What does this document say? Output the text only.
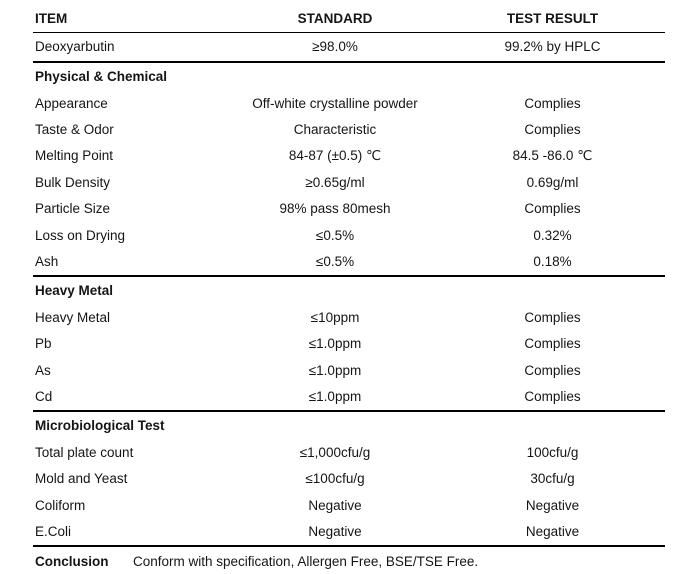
ITEM	STANDARD	TEST RESULT
Deoxyarbutin	≥98.0%	99.2% by HPLC
Physical & Chemical
Appearance	Off-white crystalline powder	Complies
Taste & Odor	Characteristic	Complies
Melting Point	84-87 (±0.5) ℃	84.5 -86.0 ℃
Bulk Density	≥0.65g/ml	0.69g/ml
Particle Size	98% pass 80mesh	Complies
Loss on Drying	≤0.5%	0.32%
Ash	≤0.5%	0.18%
Heavy Metal
Heavy Metal	≤10ppm	Complies
Pb	≤1.0ppm	Complies
As	≤1.0ppm	Complies
Cd	≤1.0ppm	Complies
Microbiological Test
Total plate count	≤1,000cfu/g	100cfu/g
Mold and Yeast	≤100cfu/g	30cfu/g
Coliform	Negative	Negative
E.Coli	Negative	Negative
Conclusion	Conform with specification, Allergen Free, BSE/TSE Free.
